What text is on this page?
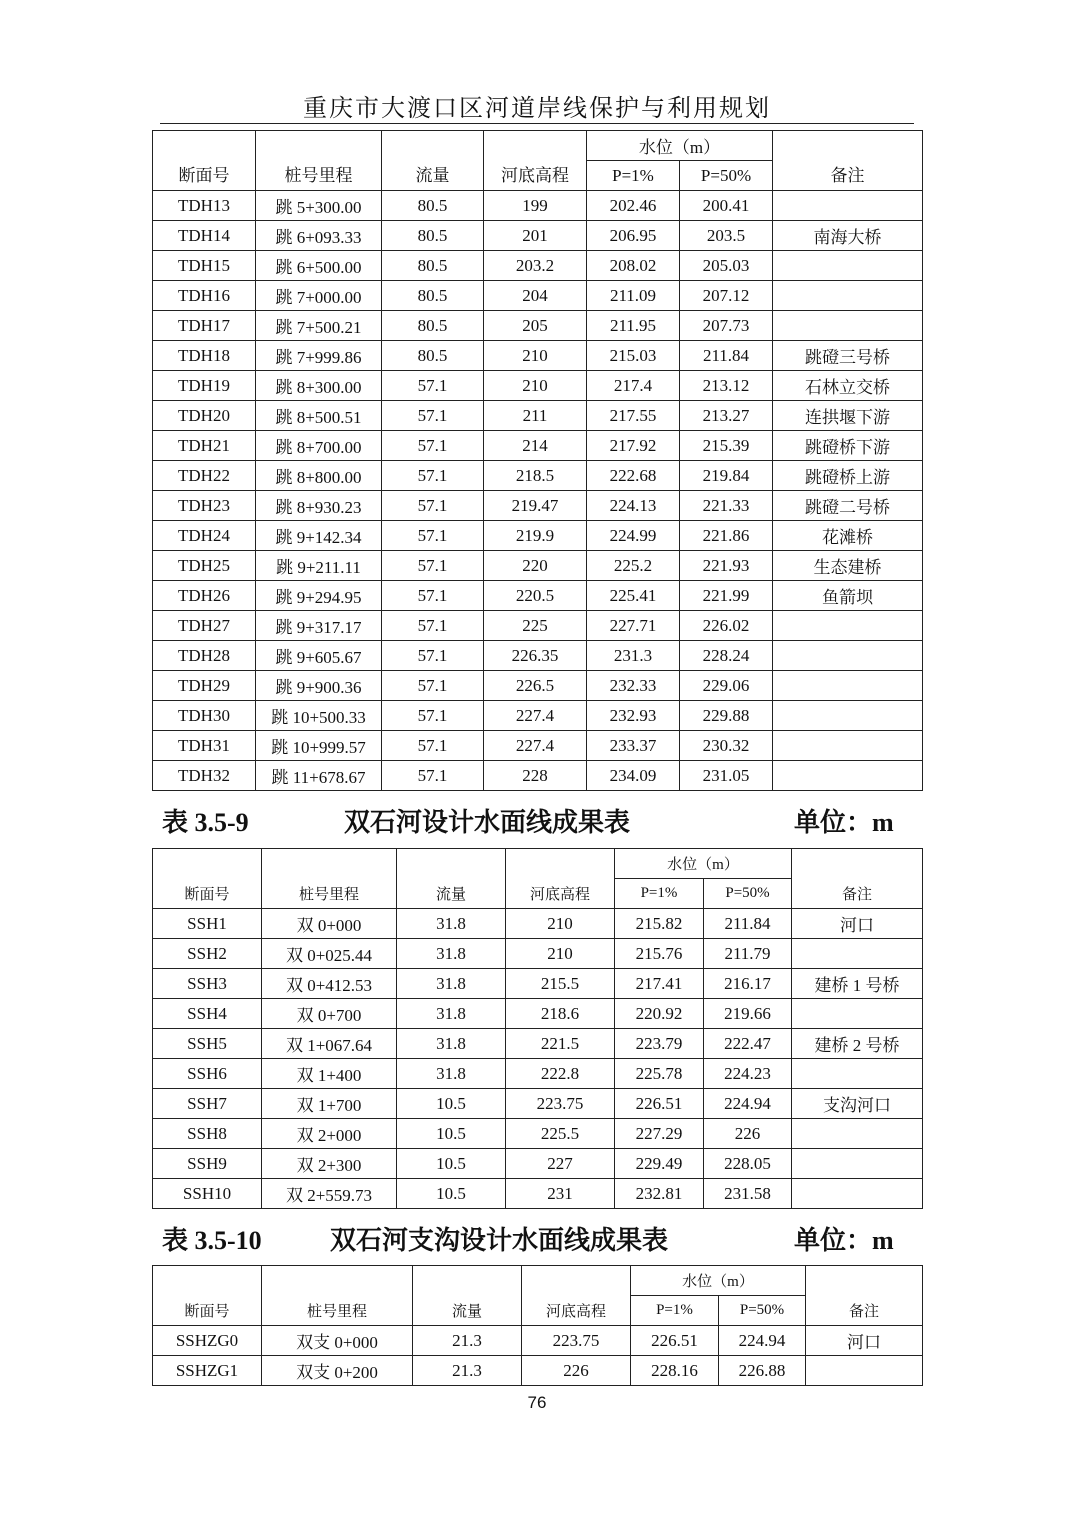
重庆市大渡口区河道岸线保护与利用规划
断面号	桩号里程	流量	河底高程	水位（m）		备注
				P=1%	P=50%	
TDH13	跳 5+300.00	80.5	199	202.46	200.41	
TDH14	跳 6+093.33	80.5	201	206.95	203.5	南海大桥
TDH15	跳 6+500.00	80.5	203.2	208.02	205.03	
TDH16	跳 7+000.00	80.5	204	211.09	207.12	
TDH17	跳 7+500.21	80.5	205	211.95	207.73	
TDH18	跳 7+999.86	80.5	210	215.03	211.84	跳磴三号桥
TDH19	跳 8+300.00	57.1	210	217.4	213.12	石林立交桥
TDH20	跳 8+500.51	57.1	211	217.55	213.27	连拱堰下游
TDH21	跳 8+700.00	57.1	214	217.92	215.39	跳磴桥下游
TDH22	跳 8+800.00	57.1	218.5	222.68	219.84	跳磴桥上游
TDH23	跳 8+930.23	57.1	219.47	224.13	221.33	跳磴二号桥
TDH24	跳 9+142.34	57.1	219.9	224.99	221.86	花滩桥
TDH25	跳 9+211.11	57.1	220	225.2	221.93	生态建桥
TDH26	跳 9+294.95	57.1	220.5	225.41	221.99	鱼箭坝
TDH27	跳 9+317.17	57.1	225	227.71	226.02	
TDH28	跳 9+605.67	57.1	226.35	231.3	228.24	
TDH29	跳 9+900.36	57.1	226.5	232.33	229.06	
TDH30	跳 10+500.33	57.1	227.4	232.93	229.88	
TDH31	跳 10+999.57	57.1	227.4	233.37	230.32	
TDH32	跳 11+678.67	57.1	228	234.09	231.05	
表 3.5-9	双石河设计水面线成果表	单位：m
断面号	桩号里程	流量	河底高程	水位（m）		备注
				P=1%	P=50%	
SSH1	双 0+000	31.8	210	215.82	211.84	河口
SSH2	双 0+025.44	31.8	210	215.76	211.79	
SSH3	双 0+412.53	31.8	215.5	217.41	216.17	建桥 1 号桥
SSH4	双 0+700	31.8	218.6	220.92	219.66	
SSH5	双 1+067.64	31.8	221.5	223.79	222.47	建桥 2 号桥
SSH6	双 1+400	31.8	222.8	225.78	224.23	
SSH7	双 1+700	10.5	223.75	226.51	224.94	支沟河口
SSH8	双 2+000	10.5	225.5	227.29	226	
SSH9	双 2+300	10.5	227	229.49	228.05	
SSH10	双 2+559.73	10.5	231	232.81	231.58	
表 3.5-10	双石河支沟设计水面线成果表	单位：m
断面号	桩号里程	流量	河底高程	水位（m）		备注
				P=1%	P=50%	
SSHZG0	双支 0+000	21.3	223.75	226.51	224.94	河口
SSHZG1	双支 0+200	21.3	226	228.16	226.88	
76
